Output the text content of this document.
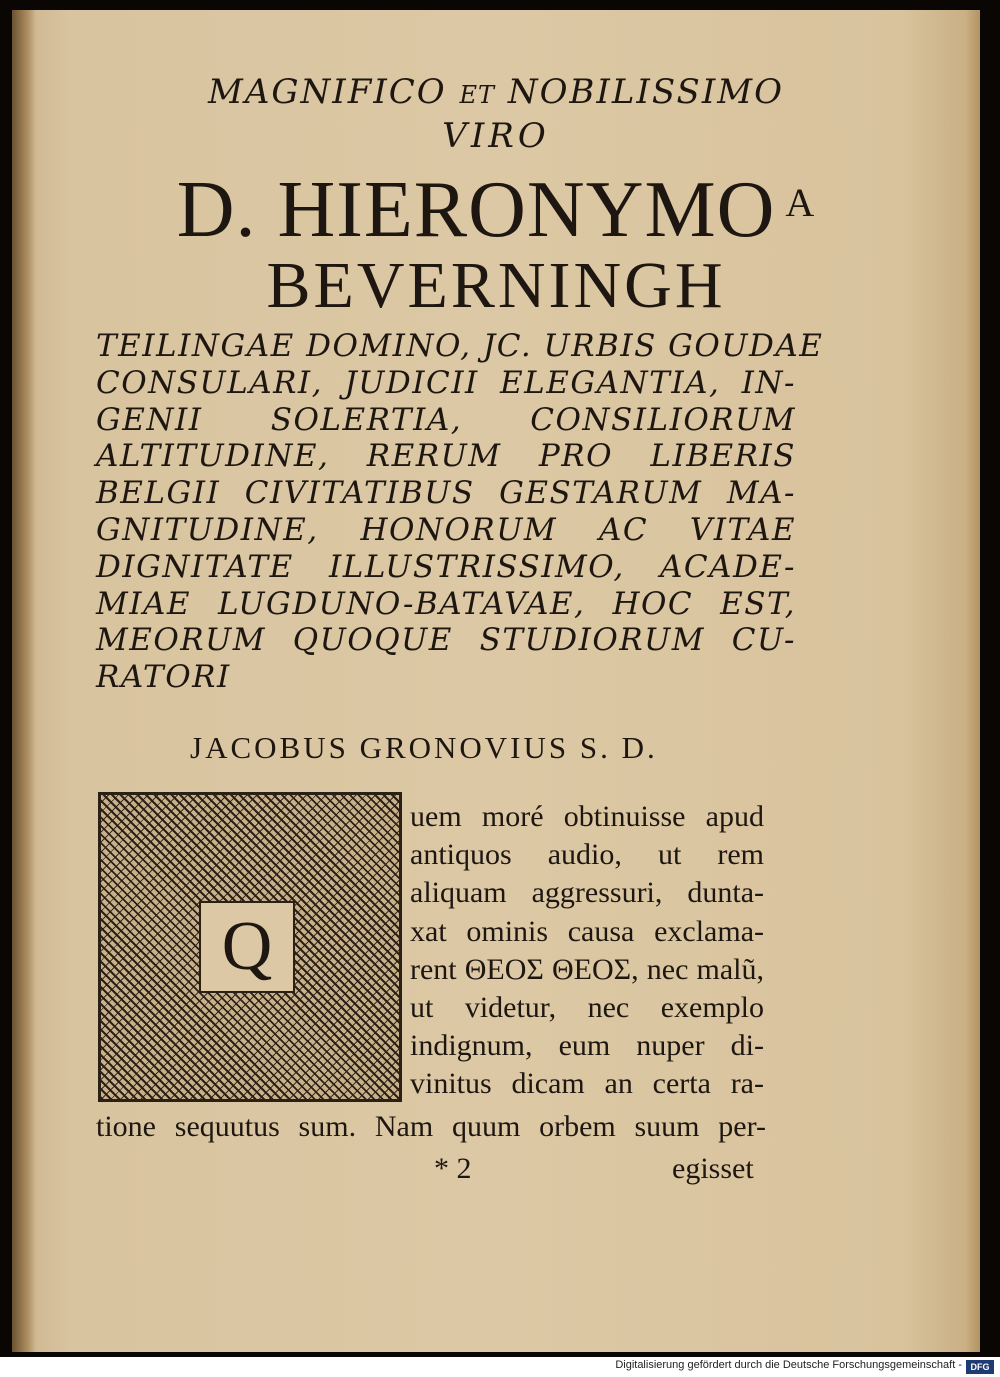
MAGNIFICO ET NOBILISSIMO
VIRO
D. HIERONYMO $^A$
BEVERNINGH
TEILINGAE DOMINO, JC. URBIS GOUDAE
CONSULARI, JUDICII ELEGANTIA, IN-
GENII SOLERTIA, CONSILIORUM
ALTITUDINE, RERUM PRO LIBERIS
BELGII CIVITATIBUS GESTARUM MA-
GNITUDINE, HONORUM AC VITAE
DIGNITATE ILLUSTRISSIMO, ACADE-
MIAE LUGDUNO-BATAVAE, HOC EST,
MEORUM QUOQUE STUDIORUM CU-
RATORI
JACOBUS GRONOVIUS S. D.
Q
uem moré obtinuisse apud
antiquos audio, ut rem
aliquam aggressuri, dunta-
xat ominis causa exclama-
rent ΘΕΟΣ ΘΕΟΣ, nec malũ,
ut videtur, nec exemplo
indignum, eum nuper di-
vinitus dicam an certa ra-
tione sequutus sum. Nam quum orbem suum per-
* 2	egisset
Digitalisierung gefördert durch die Deutsche Forschungsgemeinschaft - DFG
